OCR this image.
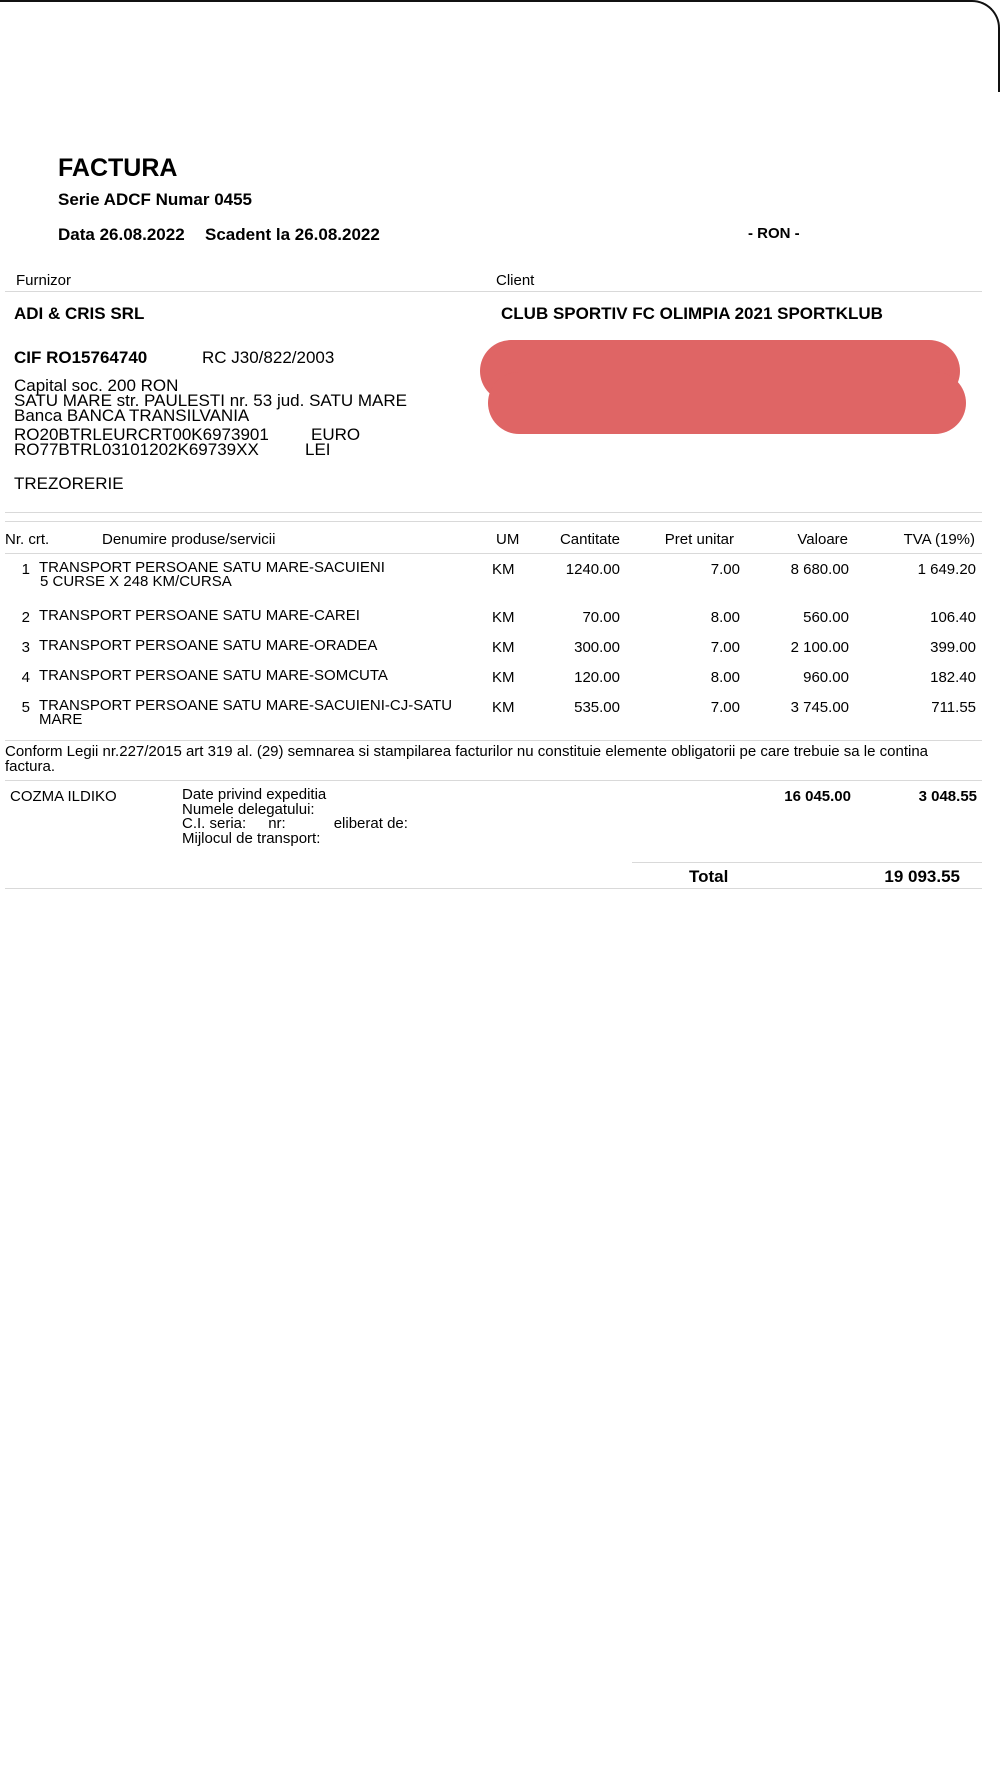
FACTURA
Serie ADCF Numar 0455
Data 26.08.2022 Scadent la 26.08.2022	- RON -
Furnizor	Client
ADI & CRIS SRL	CLUB SPORTIV FC OLIMPIA 2021 SPORTKLUB
CIF RO15764740	RC J30/822/2003
Capital soc. 200 RON
SATU MARE str. PAULESTI nr. 53 jud. SATU MARE
Banca BANCA TRANSILVANIA
RO20BTRLEURCRT00K6973901 EURO
RO77BTRL03101202K69739XX	LEI
TREZORERIE
Nr. crt.	Denumire produse/servicii	UM	Cantitate	Pret unitar	Valoare	TVA (19%)
1 TRANSPORT PERSOANE SATU MARE-SACUIENI
5 CURSE X 248 KM/CURSA
KM	1240.00	7.00	8 680.00	1 649.20
2 TRANSPORT PERSOANE SATU MARE-CAREI	KM	70.00	8.00	560.00	106.40
3 TRANSPORT PERSOANE SATU MARE-ORADEA	KM	300.00	7.00	2 100.00	399.00
4 TRANSPORT PERSOANE SATU MARE-SOMCUTA	KM	120.00	8.00	960.00	182.40
5 TRANSPORT PERSOANE SATU MARE-SACUIENI-CJ-SATU
MARE
KM	535.00	7.00	3 745.00	711.55
Conform Legii nr.227/2015 art 319 al. (29) semnarea si stampilarea facturilor nu constituie elemente obligatorii pe care trebuie sa le contina
factura.
COZMA ILDIKO	Date privind expeditia
Numele delegatului:
C.I. seria: nr:	eliberat de:
Mijlocul de transport:
16 045.00	3 048.55
Total	19 093.55
